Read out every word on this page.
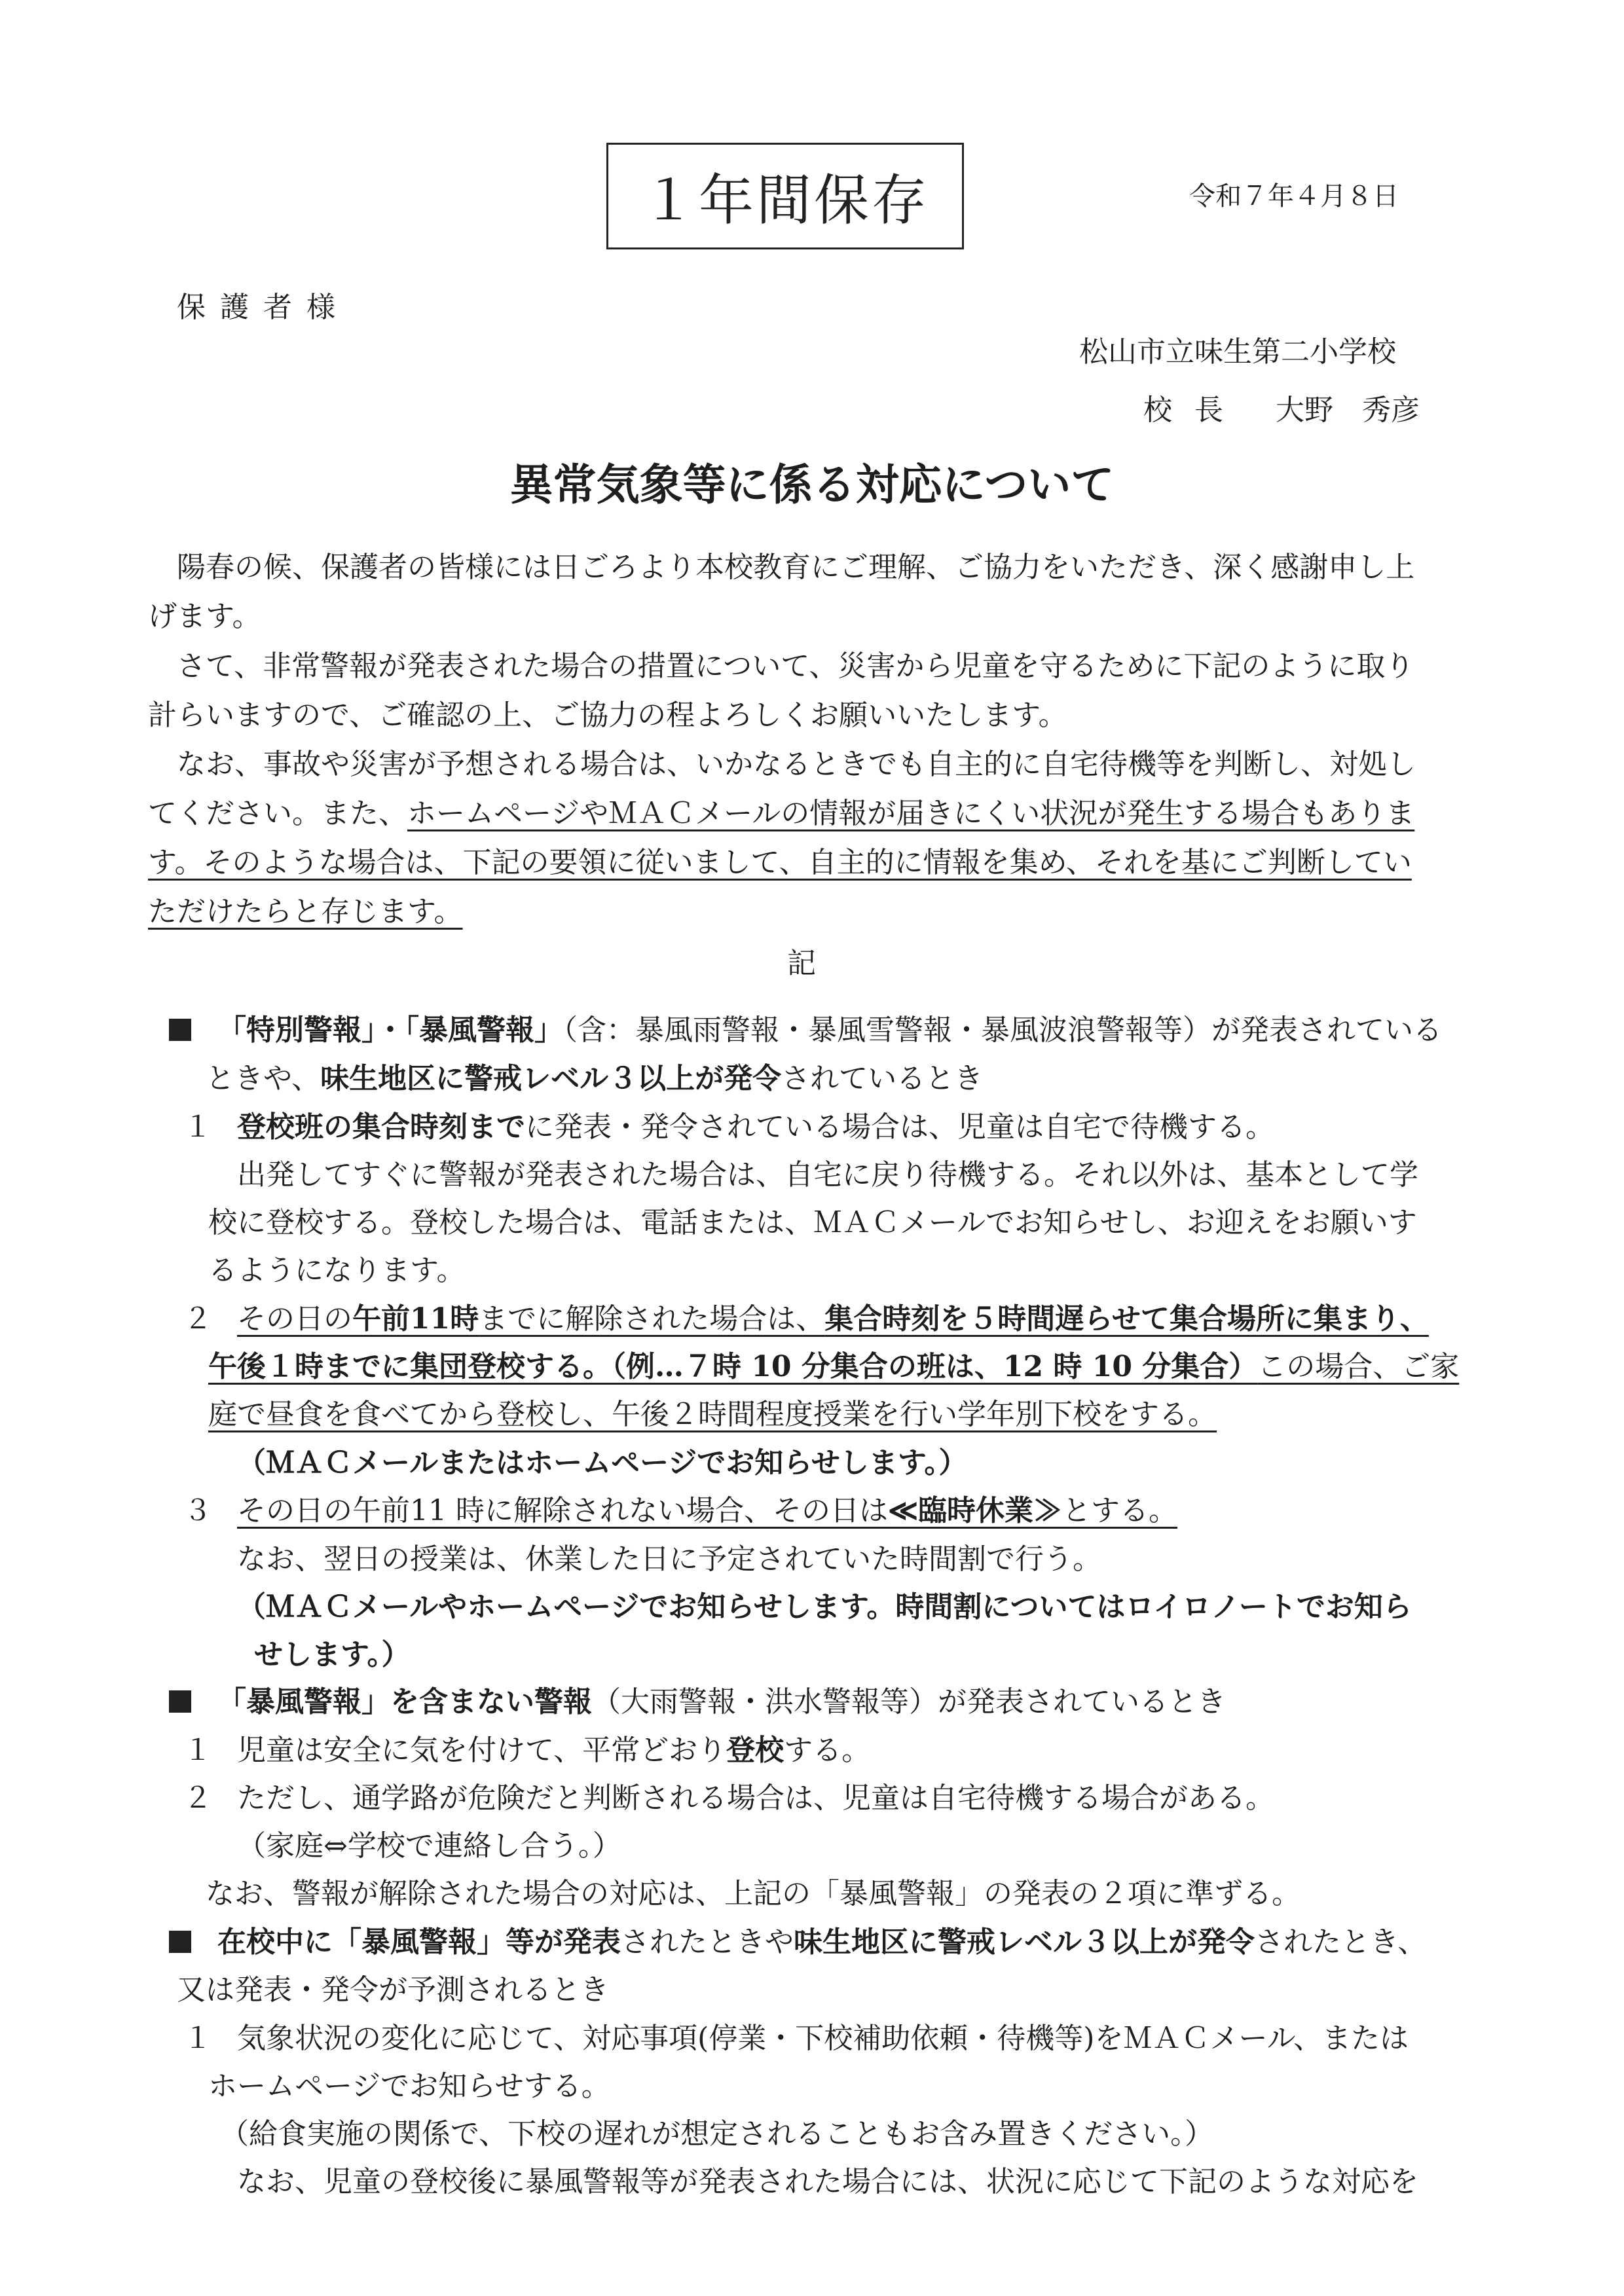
１年間保存	令和７年４月８日
保 護 者 様
松山市立味生第二小学校
校 長 大野　秀彦
異常気象等に係る対応について
陽春の候、保護者の皆様には日ごろより本校教育にご理解、ご協力をいただき、深く感謝申し上
げます。
さて、非常警報が発表された場合の措置について、災害から児童を守るために下記のように取り
計らいますので、ご確認の上、ご協力の程よろしくお願いいたします。
なお、事故や災害が予想される場合は、いかなるときでも自主的に自宅待機等を判断し、対処し
てください。また、ホームページやＭＡＣメールの情報が届きにくい状況が発生する場合もありま
す。そのような場合は、下記の要領に従いまして、自主的に情報を集め、それを基にご判断してい
ただけたらと存じます。
記
「特別警報」・「暴風警報」（含：暴風雨警報・暴風雪警報・暴風波浪警報等）が発表されている
ときや、味生地区に警戒レベル３以上が発令されているとき
１ 登校班の集合時刻までに発表・発令されている場合は、児童は自宅で待機する。
出発してすぐに警報が発表された場合は、自宅に戻り待機する。それ以外は、基本として学
校に登校する。登校した場合は、電話または、ＭＡＣメールでお知らせし、お迎えをお願いす
るようになります。
２ その日の午前11時までに解除された場合は、集合時刻を５時間遅らせて集合場所に集まり、
午後１時までに集団登校する。（例…７時 10 分集合の班は、12 時 10 分集合）この場合、ご家
庭で昼食を食べてから登校し、午後２時間程度授業を行い学年別下校をする。
（ＭＡＣメールまたはホームページでお知らせします。）
３ その日の午前11 時に解除されない場合、その日は≪臨時休業≫とする。
なお、翌日の授業は、休業した日に予定されていた時間割で行う。
（ＭＡＣメールやホームページでお知らせします。時間割についてはロイロノートでお知ら
せします。）
「暴風警報」を含まない警報（大雨警報・洪水警報等）が発表されているとき
１ 児童は安全に気を付けて、平常どおり登校する。
２ ただし、通学路が危険だと判断される場合は、児童は自宅待機する場合がある。
（家庭⇔学校で連絡し合う。）
なお、警報が解除された場合の対応は、上記の「暴風警報」の発表の２項に準ずる。
在校中に「暴風警報」等が発表されたときや味生地区に警戒レベル３以上が発令されたとき、
又は発表・発令が予測されるとき
１ 気象状況の変化に応じて、対応事項(停業・下校補助依頼・待機等)をＭＡＣメール、または
ホームページでお知らせする。
（給食実施の関係で、下校の遅れが想定されることもお含み置きください。）
なお、児童の登校後に暴風警報等が発表された場合には、状況に応じて下記のような対応を
